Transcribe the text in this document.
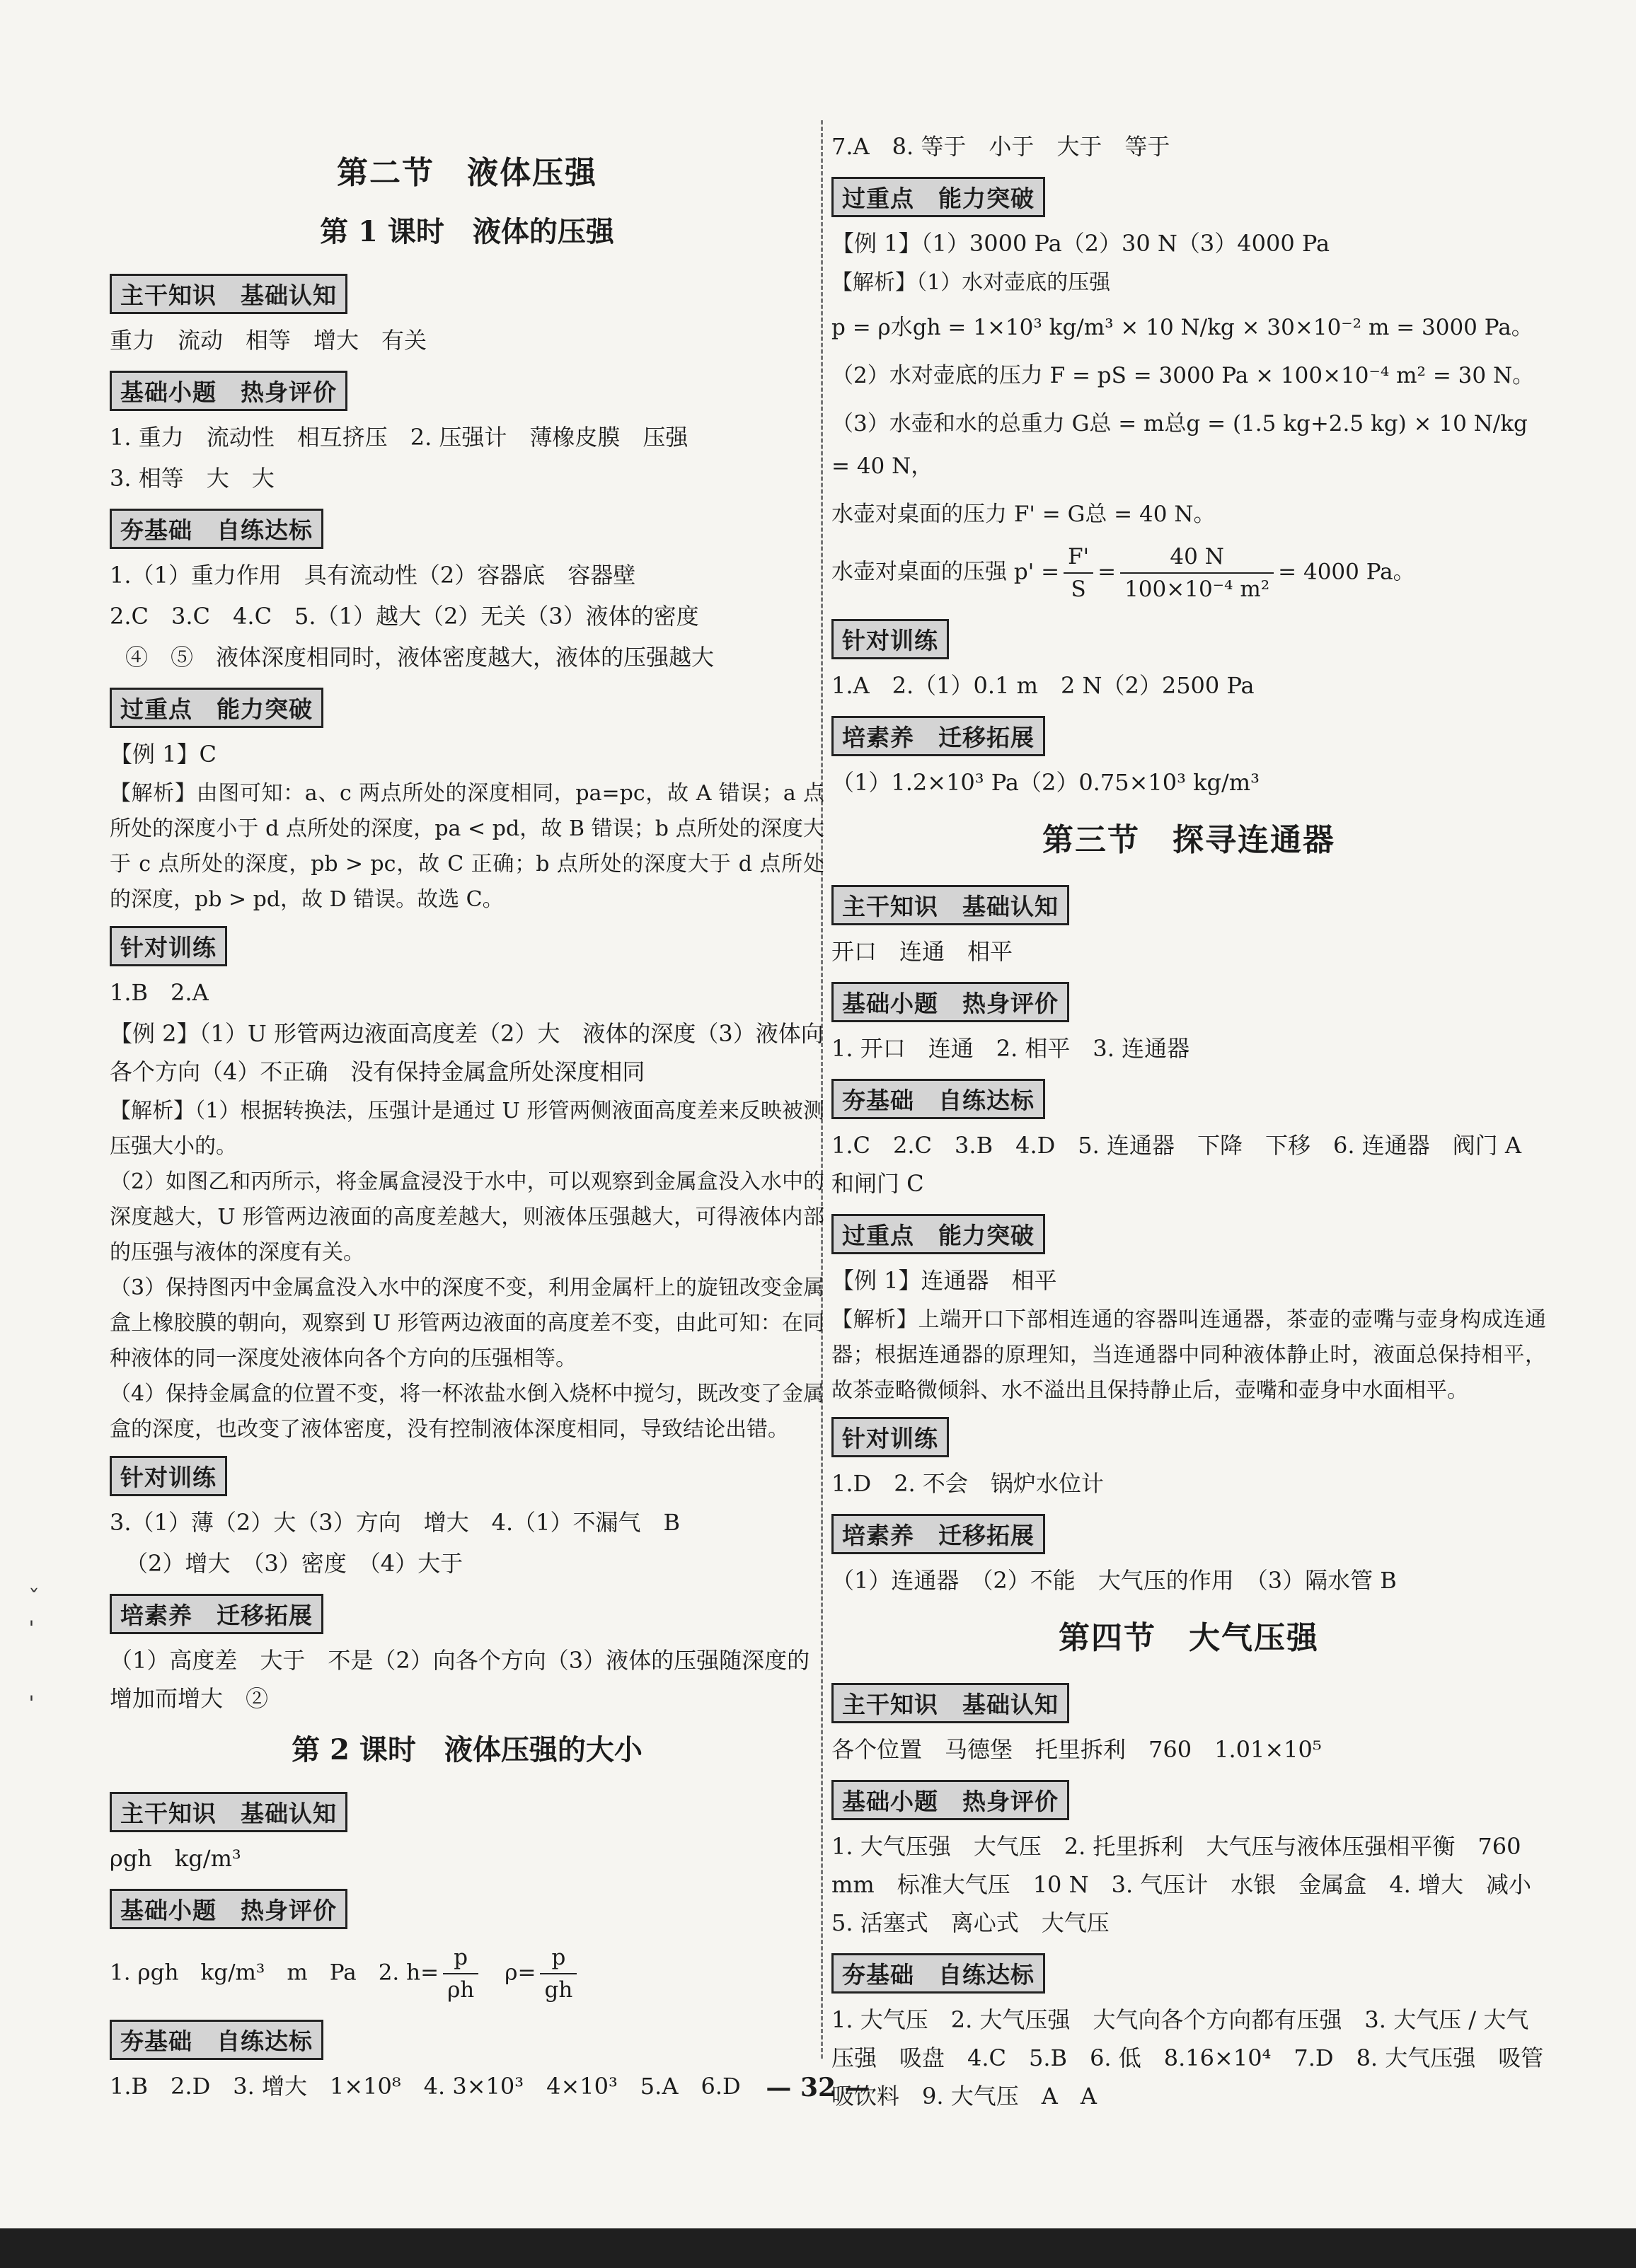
ˇ
ˈ
ˌ
第二节　液体压强
第 1 课时　液体的压强
主干知识　基础认知

重力　流动　相等　增大　有关

基础小题　热身评价

1. 重力　流动性　相互挤压　2. 压强计　薄橡皮膜　压强

3. 相等　大　大

夯基础　自练达标

1.（1）重力作用　具有流动性（2）容器底　容器壁

2.C　3.C　4.C　5.（1）越大（2）无关（3）液体的密度

④　⑤　液体深度相同时，液体密度越大，液体的压强越大

过重点　能力突破

【例 1】C

【解析】由图可知：a、c 两点所处的深度相同，pa=pc，故 A 错误；a 点所处的深度小于 d 点所处的深度，pa < pd，故 B 错误；b 点所处的深度大于 c 点所处的深度，pb > pc，故 C 正确；b 点所处的深度大于 d 点所处的深度，pb > pd，故 D 错误。故选 C。

针对训练

1.B　2.A

【例 2】（1）U 形管两边液面高度差（2）大　液体的深度（3）液体向各个方向（4）不正确　没有保持金属盒所处深度相同

【解析】（1）根据转换法，压强计是通过 U 形管两侧液面高度差来反映被测压强大小的。

（2）如图乙和丙所示，将金属盒浸没于水中，可以观察到金属盒没入水中的深度越大，U 形管两边液面的高度差越大，则液体压强越大，可得液体内部的压强与液体的深度有关。

（3）保持图丙中金属盒没入水中的深度不变，利用金属杆上的旋钮改变金属盒上橡胶膜的朝向，观察到 U 形管两边液面的高度差不变，由此可知：在同种液体的同一深度处液体向各个方向的压强相等。

（4）保持金属盒的位置不变，将一杯浓盐水倒入烧杯中搅匀，既改变了金属盒的深度，也改变了液体密度，没有控制液体深度相同，导致结论出错。

针对训练

3.（1）薄（2）大（3）方向　增大　4.（1）不漏气　B

（2）增大　（3）密度　（4）大于

培素养　迁移拓展

（1）高度差　大于　不是（2）向各个方向（3）液体的压强随深度的增加而增大　②

第 2 课时　液体压强的大小
主干知识　基础认知

ρgh　kg/m³

基础小题　热身评价

1. ρgh　kg/m³　m　Pa　2. $h= \frac{p}{\rho h}$
　 $\rho= \frac{p}{gh}$

夯基础　自练达标

1.B　2.D　3. 增大　1×10⁸　4. 3×10³　4×10³　5.A　6.D

7.A　8. 等于　小于　大于　等于

过重点　能力突破

【例 1】（1）3000 Pa（2）30 N（3）4000 Pa

【解析】（1）水对壶底的压强

p = ρ水gh = 1×10³ kg/m³ × 10 N/kg × 30×10⁻² m = 3000 Pa。

（2）水对壶底的压力 F = pS = 3000 Pa × 100×10⁻⁴ m² = 30 N。

（3）水壶和水的总重力 G总 = m总g = (1.5 kg+2.5 kg) × 10 N/kg = 40 N，

水壶对桌面的压力 F' = G总 = 40 N。

水壶对桌面的压强 $p' = \frac{F'}{S} = \frac{40 N}{\text{100×10⁻⁴ m²}} = 4000$ Pa。

针对训练

1.A　2.（1）0.1 m　2 N（2）2500 Pa

培素养　迁移拓展

（1）1.2×10³ Pa（2）0.75×10³ kg/m³

第三节　探寻连通器
主干知识　基础认知

开口　连通　相平

基础小题　热身评价

1. 开口　连通　2. 相平　3. 连通器

夯基础　自练达标

1.C　2.C　3.B　4.D　5. 连通器　下降　下移　6. 连通器　阀门 A 和闸门 C

过重点　能力突破

【例 1】连通器　相平

【解析】上端开口下部相连通的容器叫连通器，茶壶的壶嘴与壶身构成连通器；根据连通器的原理知，当连通器中同种液体静止时，液面总保持相平，故茶壶略微倾斜、水不溢出且保持静止后，壶嘴和壶身中水面相平。

针对训练

1.D　2. 不会　锅炉水位计

培素养　迁移拓展

（1）连通器　（2）不能　大气压的作用　（3）隔水管 B

第四节　大气压强
主干知识　基础认知

各个位置　马德堡　托里拆利　760　1.01×10⁵

基础小题　热身评价

1. 大气压强　大气压　2. 托里拆利　大气压与液体压强相平衡　760 mm　标准大气压　10 N　3. 气压计　水银　金属盒　4. 增大　减小　5. 活塞式　离心式　大气压

夯基础　自练达标

1. 大气压　2. 大气压强　大气向各个方向都有压强　3. 大气压 / 大气压强　吸盘　4.C　5.B　6. 低　8.16×10⁴　7.D　8. 大气压强　吸管吸饮料　9. 大气压　A　A

— 32 —
